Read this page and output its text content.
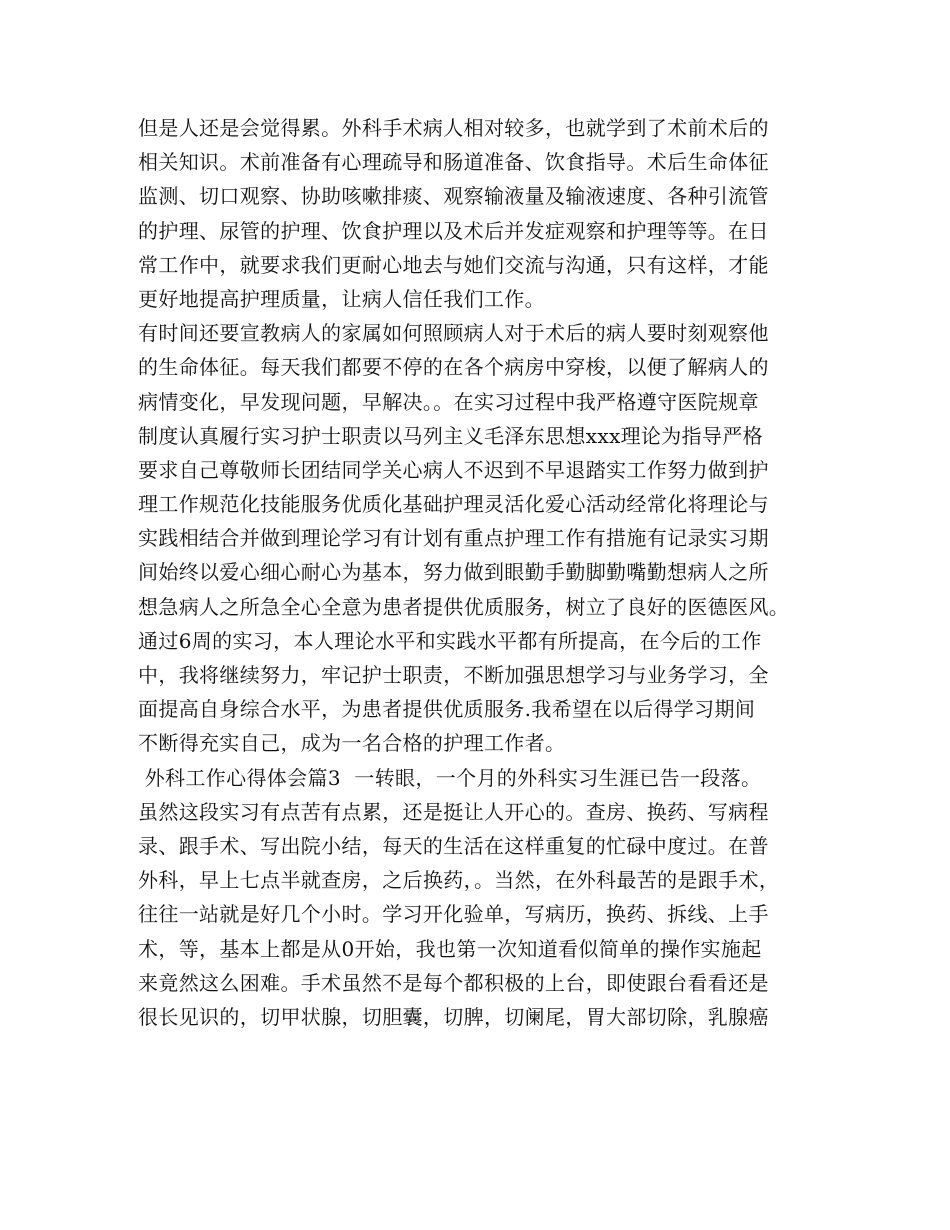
但是人还是会觉得累。外科手术病人相对较多，也就学到了术前术后的
相关知识。术前准备有心理疏导和肠道准备、饮食指导。术后生命体征
监测、切口观察、协助咳嗽排痰、观察输液量及输液速度、各种引流管
的护理、尿管的护理、饮食护理以及术后并发症观察和护理等等。在日
常工作中，就要求我们更耐心地去与她们交流与沟通，只有这样，才能
更好地提高护理质量，让病人信任我们工作。
有时间还要宣教病人的家属如何照顾病人对于术后的病人要时刻观察他
的生命体征。每天我们都要不停的在各个病房中穿梭，以便了解病人的
病情变化，早发现问题，早解决。。在实习过程中我严格遵守医院规章
制度认真履行实习护士职责以马列主义毛泽东思想xxx理论为指导严格
要求自己尊敬师长团结同学关心病人不迟到不早退踏实工作努力做到护
理工作规范化技能服务优质化基础护理灵活化爱心活动经常化将理论与
实践相结合并做到理论学习有计划有重点护理工作有措施有记录实习期
间始终以爱心细心耐心为基本，努力做到眼勤手勤脚勤嘴勤想病人之所
想急病人之所急全心全意为患者提供优质服务，树立了良好的医德医风。
通过6周的实习，本人理论水平和实践水平都有所提高，在今后的工作
中，我将继续努力，牢记护士职责，不断加强思想学习与业务学习，全
面提高自身综合水平，为患者提供优质服务.我希望在以后得学习期间
不断得充实自己，成为一名合格的护理工作者。
外科工作心得体会篇3  一转眼，一个月的外科实习生涯已告一段落。
虽然这段实习有点苦有点累，还是挺让人开心的。查房、换药、写病程
录、跟手术、写出院小结，每天的生活在这样重复的忙碌中度过。在普
外科，早上七点半就查房，之后换药，。当然，在外科最苦的是跟手术，
往往一站就是好几个小时。学习开化验单，写病历，换药、拆线、上手
术，等，基本上都是从0开始，我也第一次知道看似简单的操作实施起
来竟然这么困难。手术虽然不是每个都积极的上台，即使跟台看看还是
很长见识的，切甲状腺，切胆囊，切脾，切阑尾，胃大部切除，乳腺癌
